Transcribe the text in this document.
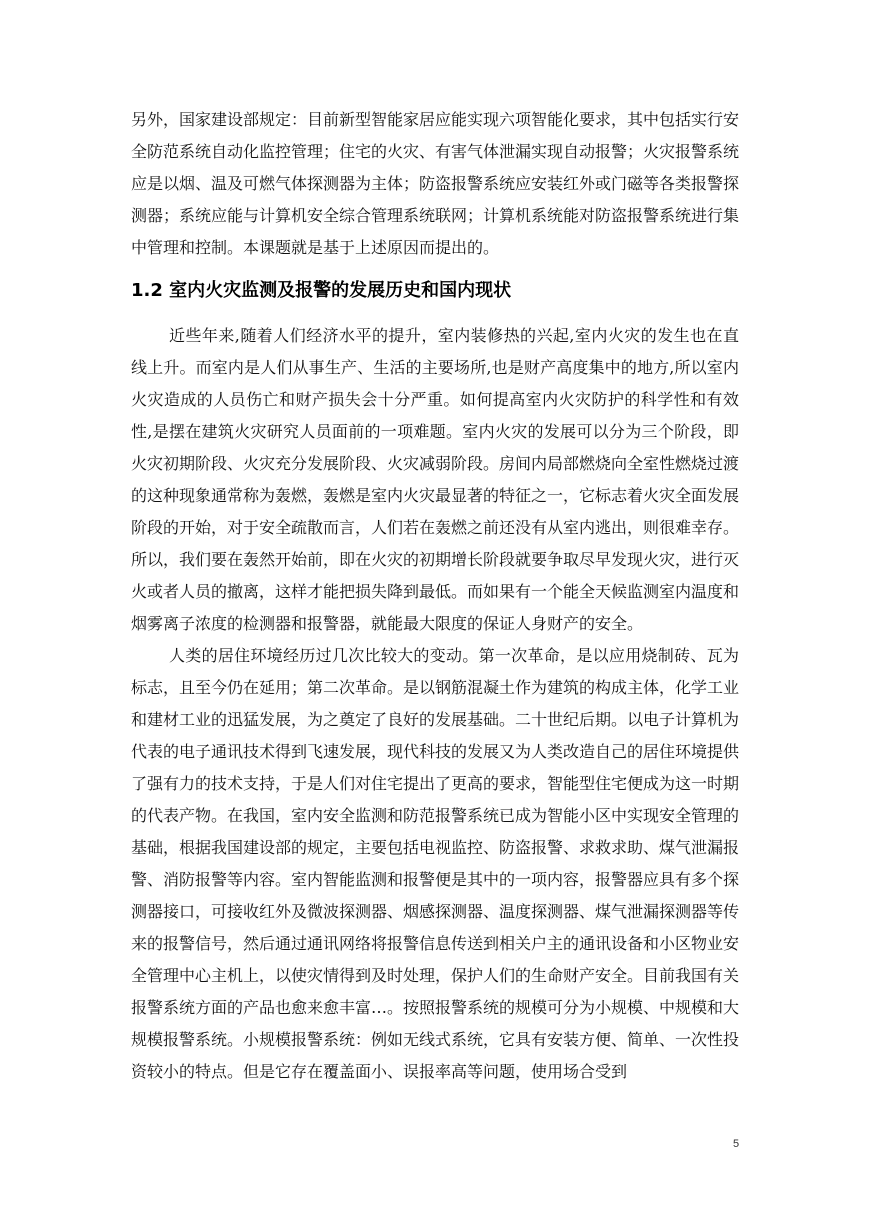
另外，国家建设部规定：目前新型智能家居应能实现六项智能化要求，其中包括实行安全防范系统自动化监控管理；住宅的火灾、有害气体泄漏实现自动报警；火灾报警系统应是以烟、温及可燃气体探测器为主体；防盗报警系统应安装红外或门磁等各类报警探测器；系统应能与计算机安全综合管理系统联网；计算机系统能对防盗报警系统进行集中管理和控制。本课题就是基于上述原因而提出的。

1.2 室内火灾监测及报警的发展历史和国内现状

近些年来,随着人们经济水平的提升，室内装修热的兴起,室内火灾的发生也在直线上升。而室内是人们从事生产、生活的主要场所,也是财产高度集中的地方,所以室内火灾造成的人员伤亡和财产损失会十分严重。如何提高室内火灾防护的科学性和有效性,是摆在建筑火灾研究人员面前的一项难题。室内火灾的发展可以分为三个阶段，即火灾初期阶段、火灾充分发展阶段、火灾减弱阶段。房间内局部燃烧向全室性燃烧过渡的这种现象通常称为轰燃，轰燃是室内火灾最显著的特征之一，它标志着火灾全面发展阶段的开始，对于安全疏散而言，人们若在轰燃之前还没有从室内逃出，则很难幸存。所以，我们要在轰然开始前，即在火灾的初期增长阶段就要争取尽早发现火灾，进行灭火或者人员的撤离，这样才能把损失降到最低。而如果有一个能全天候监测室内温度和烟雾离子浓度的检测器和报警器，就能最大限度的保证人身财产的安全。

人类的居住环境经历过几次比较大的变动。第一次革命，是以应用烧制砖、瓦为标志，且至今仍在延用；第二次革命。是以钢筋混凝土作为建筑的构成主体，化学工业和建材工业的迅猛发展，为之奠定了良好的发展基础。二十世纪后期。以电子计算机为代表的电子通讯技术得到飞速发展，现代科技的发展又为人类改造自己的居住环境提供了强有力的技术支持，于是人们对住宅提出了更高的要求，智能型住宅便成为这一时期的代表产物。在我国，室内安全监测和防范报警系统已成为智能小区中实现安全管理的基础，根据我国建设部的规定，主要包括电视监控、防盗报警、求救求助、煤气泄漏报警、消防报警等内容。室内智能监测和报警便是其中的一项内容，报警器应具有多个探测器接口，可接收红外及微波探测器、烟感探测器、温度探测器、煤气泄漏探测器等传来的报警信号，然后通过通讯网络将报警信息传送到相关户主的通讯设备和小区物业安全管理中心主机上，以使灾情得到及时处理，保护人们的生命财产安全。目前我国有关报警系统方面的产品也愈来愈丰富…。按照报警系统的规模可分为小规模、中规模和大规模报警系统。小规模报警系统：例如无线式系统，它具有安装方便、简单、一次性投资较小的特点。但是它存在覆盖面小、误报率高等问题，使用场合受到

5
